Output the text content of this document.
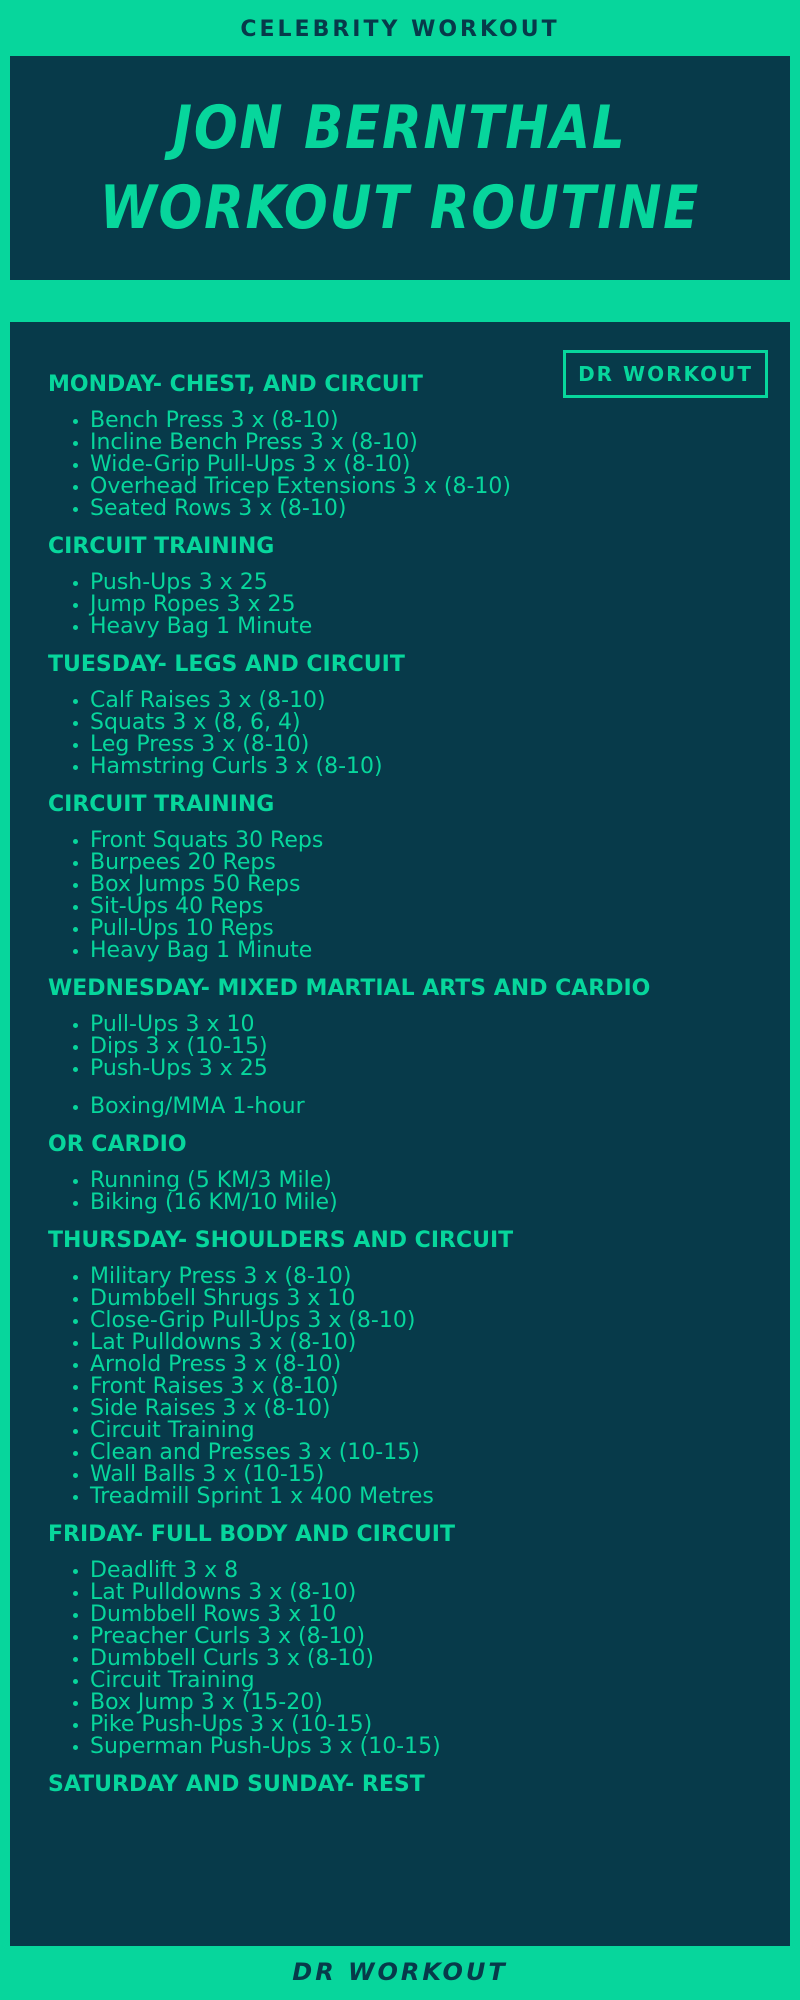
CELEBRITY WORKOUT
JON BERNTHAL
WORKOUT ROUTINE
DR WORKOUT
MONDAY- CHEST, AND CIRCUIT
• Bench Press 3 x (8-10)
• Incline Bench Press 3 x (8-10)
• Wide-Grip Pull-Ups 3 x (8-10)
• Overhead Tricep Extensions 3 x (8-10)
• Seated Rows 3 x (8-10)
CIRCUIT TRAINING
• Push-Ups 3 x 25
• Jump Ropes 3 x 25
• Heavy Bag 1 Minute
TUESDAY- LEGS AND CIRCUIT
• Calf Raises 3 x (8-10)
• Squats 3 x (8, 6, 4)
• Leg Press 3 x (8-10)
• Hamstring Curls 3 x (8-10)
CIRCUIT TRAINING
• Front Squats 30 Reps
• Burpees 20 Reps
• Box Jumps 50 Reps
• Sit-Ups 40 Reps
• Pull-Ups 10 Reps
• Heavy Bag 1 Minute
WEDNESDAY- MIXED MARTIAL ARTS AND CARDIO
• Pull-Ups 3 x 10
• Dips 3 x (10-15)
• Push-Ups 3 x 25
• Boxing/MMA 1-hour
OR CARDIO
• Running (5 KM/3 Mile)
• Biking (16 KM/10 Mile)
THURSDAY- SHOULDERS AND CIRCUIT
• Military Press 3 x (8-10)
• Dumbbell Shrugs 3 x 10
• Close-Grip Pull-Ups 3 x (8-10)
• Lat Pulldowns 3 x (8-10)
• Arnold Press 3 x (8-10)
• Front Raises 3 x (8-10)
• Side Raises 3 x (8-10)
• Circuit Training
• Clean and Presses 3 x (10-15)
• Wall Balls 3 x (10-15)
• Treadmill Sprint 1 x 400 Metres
FRIDAY- FULL BODY AND CIRCUIT
• Deadlift 3 x 8
• Lat Pulldowns 3 x (8-10)
• Dumbbell Rows 3 x 10
• Preacher Curls 3 x (8-10)
• Dumbbell Curls 3 x (8-10)
• Circuit Training
• Box Jump 3 x (15-20)
• Pike Push-Ups 3 x (10-15)
• Superman Push-Ups 3 x (10-15)
SATURDAY AND SUNDAY- REST
DR WORKOUT
